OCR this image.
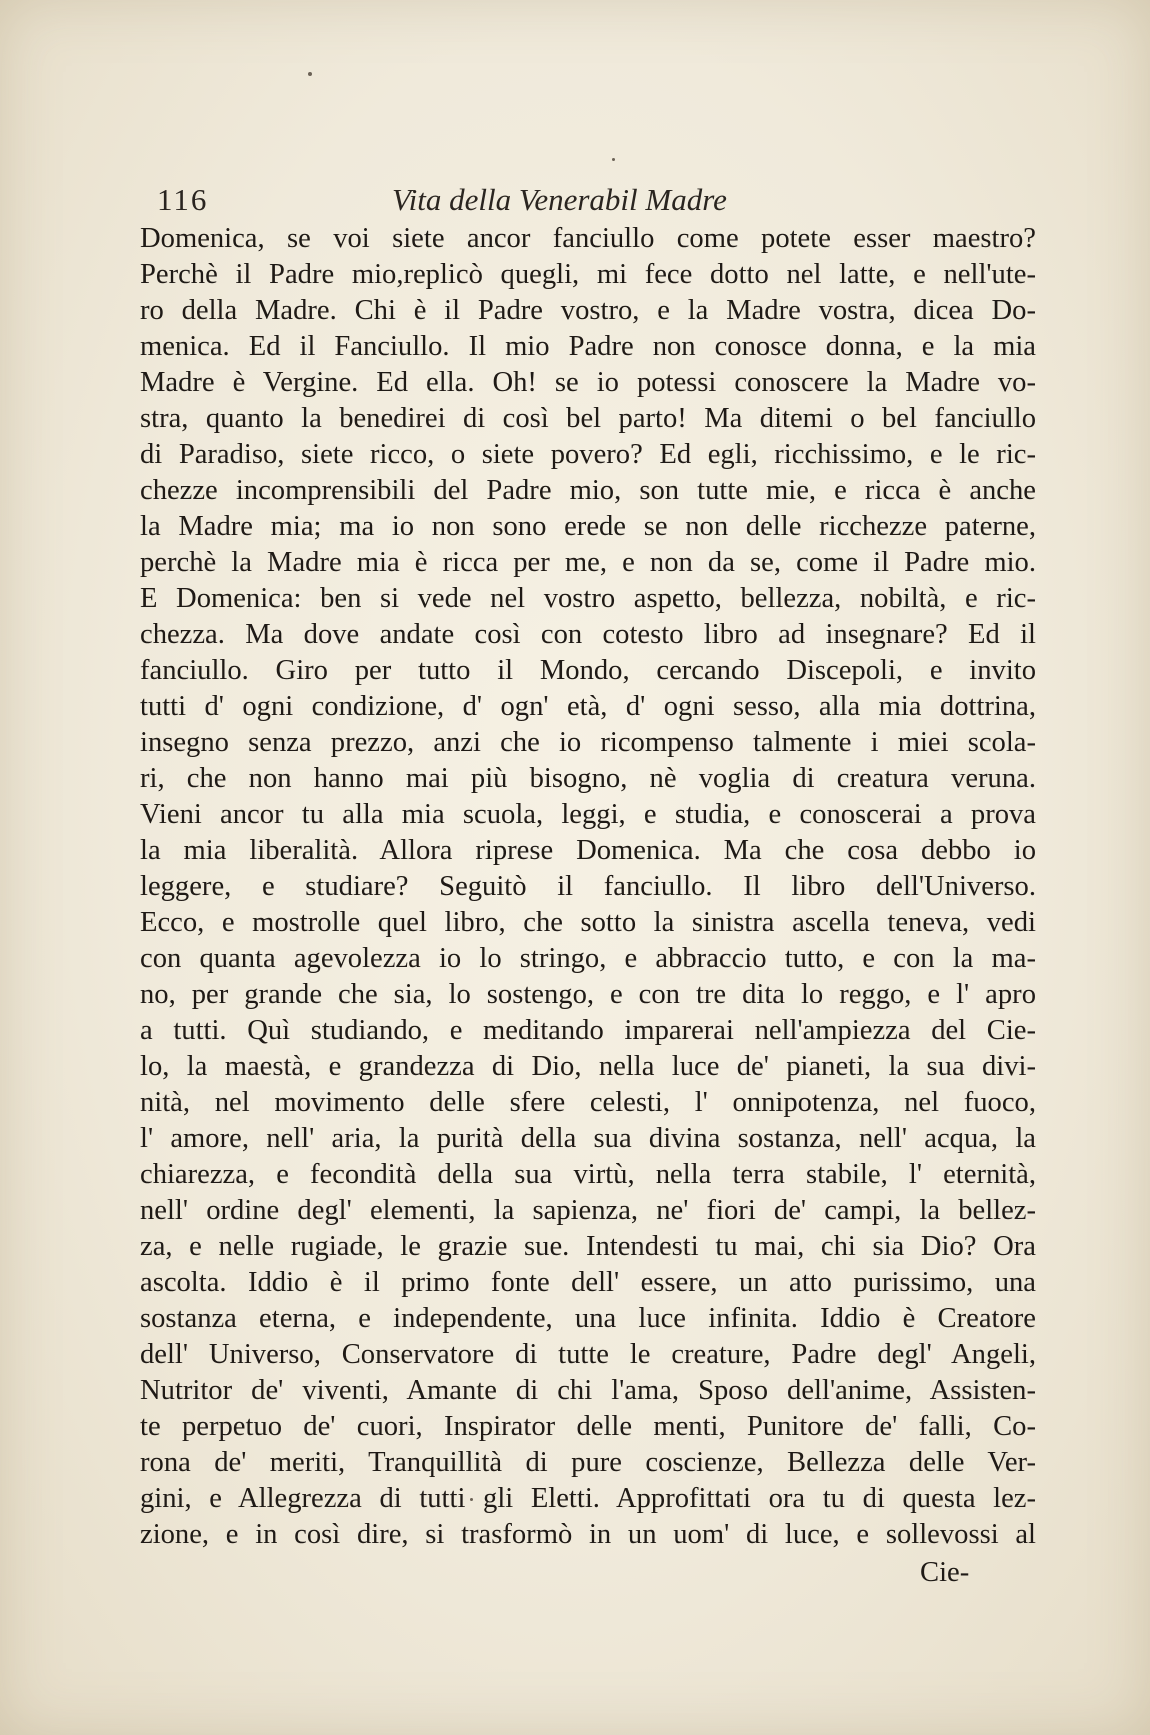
116	Vita della Venerabil Madre
Domenica, se voi siete ancor fanciullo come potete esser maestro?
Perchè il Padre mio,replicò quegli, mi fece dotto nel latte, e nell'ute-
ro della Madre. Chi è il Padre vostro, e la Madre vostra, dicea Do-
menica. Ed il Fanciullo. Il mio Padre non conosce donna, e la mia
Madre è Vergine. Ed ella. Oh! se io potessi conoscere la Madre vo-
stra, quanto la benedirei di così bel parto! Ma ditemi o bel fanciullo
di Paradiso, siete ricco, o siete povero? Ed egli, ricchissimo, e le ric-
chezze incomprensibili del Padre mio, son tutte mie, e ricca è anche
la Madre mia; ma io non sono erede se non delle ricchezze paterne,
perchè la Madre mia è ricca per me, e non da se, come il Padre mio.
E Domenica: ben si vede nel vostro aspetto, bellezza, nobiltà, e ric-
chezza. Ma dove andate così con cotesto libro ad insegnare? Ed il
fanciullo. Giro per tutto il Mondo, cercando Discepoli, e invito
tutti d' ogni condizione, d' ogn' età, d' ogni sesso, alla mia dottrina,
insegno senza prezzo, anzi che io ricompenso talmente i miei scola-
ri, che non hanno mai più bisogno, nè voglia di creatura veruna.
Vieni ancor tu alla mia scuola, leggi, e studia, e conoscerai a prova
la mia liberalità. Allora riprese Domenica. Ma che cosa debbo io
leggere, e studiare? Seguitò il fanciullo. Il libro dell'Universo.
Ecco, e mostrolle quel libro, che sotto la sinistra ascella teneva, vedi
con quanta agevolezza io lo stringo, e abbraccio tutto, e con la ma-
no, per grande che sia, lo sostengo, e con tre dita lo reggo, e l' apro
a tutti. Quì studiando, e meditando imparerai nell'ampiezza del Cie-
lo, la maestà, e grandezza di Dio, nella luce de' pianeti, la sua divi-
nità, nel movimento delle sfere celesti, l' onnipotenza, nel fuoco,
l' amore, nell' aria, la purità della sua divina sostanza, nell' acqua, la
chiarezza, e fecondità della sua virtù, nella terra stabile, l' eternità,
nell' ordine degl' elementi, la sapienza, ne' fiori de' campi, la bellez-
za, e nelle rugiade, le grazie sue. Intendesti tu mai, chi sia Dio? Ora
ascolta. Iddio è il primo fonte dell' essere, un atto purissimo, una
sostanza eterna, e independente, una luce infinita. Iddio è Creatore
dell' Universo, Conservatore di tutte le creature, Padre degl' Angeli,
Nutritor de' viventi, Amante di chi l'ama, Sposo dell'anime, Assisten-
te perpetuo de' cuori, Inspirator delle menti, Punitore de' falli, Co-
rona de' meriti, Tranquillità di pure coscienze, Bellezza delle Ver-
gini, e Allegrezza di tutti gli Eletti. Approfittati ora tu di questa lez-
zione, e in così dire, si trasformò in un uom' di luce, e sollevossi al
Cie-
